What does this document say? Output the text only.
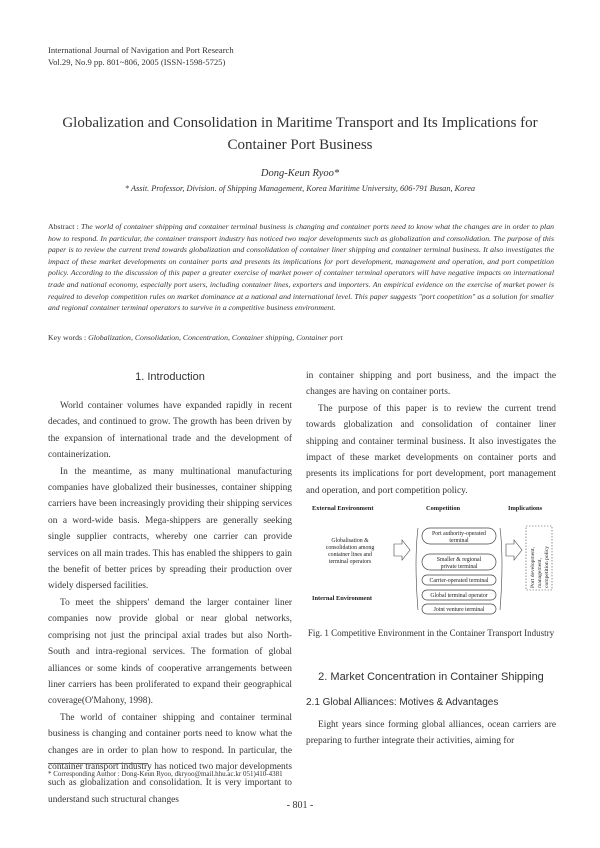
International Journal of Navigation and Port Research
Vol.29, No.9 pp. 801~806, 2005 (ISSN-1598-5725)
Globalization and Consolidation in Maritime Transport and Its Implications for
Container Port Business
Dong-Keun Ryoo*
* Assit. Professor, Division. of Shipping Management, Korea Maritime University, 606-791 Busan, Korea
Abstract : The world of container shipping and container terminal business is changing and container ports need to know what the changes are in order to plan how to respond. In particular, the container transport industry has noticed two major developments such as globalization and consolidation. The purpose of this paper is to review the current trend towards globalization and consolidation of container liner shipping and container terminal business. It also investigates the impact of these market developments on container ports and presents its implications for port development, management and operation, and port competition policy. According to the discussion of this paper a greater exercise of market power of container terminal operators will have negative impacts on international trade and national economy, especially port users, including container lines, exporters and importers. An empirical evidence on the exercise of market power is required to develop competition rules on market dominance at a national and international level. This paper suggests "port coopetition" as a solution for smaller and regional container terminal operators to survive in a competitive business environment.
Key words : Globalization, Consolidation, Concentration, Container shipping, Container port
1. Introduction

World container volumes have expanded rapidly in recent decades, and continued to grow. The growth has been driven by the expansion of international trade and the development of containerization.

In the meantime, as many multinational manufacturing companies have globalized their businesses, container shipping carriers have been increasingly providing their shipping services on a word-wide basis. Mega-shippers are generally seeking single supplier contracts, whereby one carrier can provide services on all main trades. This has enabled the shippers to gain the benefit of better prices by spreading their production over widely dispersed facilities.

To meet the shippers' demand the larger container liner companies now provide global or near global networks, comprising not just the principal axial trades but also North-South and intra-regional services. The formation of global alliances or some kinds of cooperative arrangements between liner carriers has been proliferated to expand their geographical coverage(O'Mahony, 1998).

The world of container shipping and container terminal business is changing and container ports need to know what the changes are in order to plan how to respond. In particular, the container transport industry has noticed two major developments such as globalization and consolidation. It is very important to understand such structural changes

in container shipping and port business, and the impact the changes are having on container ports.

The purpose of this paper is to review the current trend towards globalization and consolidation of container liner shipping and container terminal business. It also investigates the impact of these market developments on container ports and presents its implications for port development, port management and operation, and port competition policy.

External Environment	Competition	Implications
Globalisation &
consolidation among
container lines and
terminal operators
Internal Environment
Port authority-operated
terminal
Smaller & regional
private terminal
Carrier-operated terminal
Global terminal operator
Joint venture terminal
Port development, management, competition policy
Fig. 1 Competitive Environment in the Container Transport Industry
2. Market Concentration in Container Shipping
2.1 Global Alliances: Motives & Advantages

Eight years since forming global alliances, ocean carriers are preparing to further integrate their activities, aiming for

* Corresponding Author : Dong-Keun Ryoo, dkryoo@mail.hhu.ac.kr 051)410-4381
- 801 -
